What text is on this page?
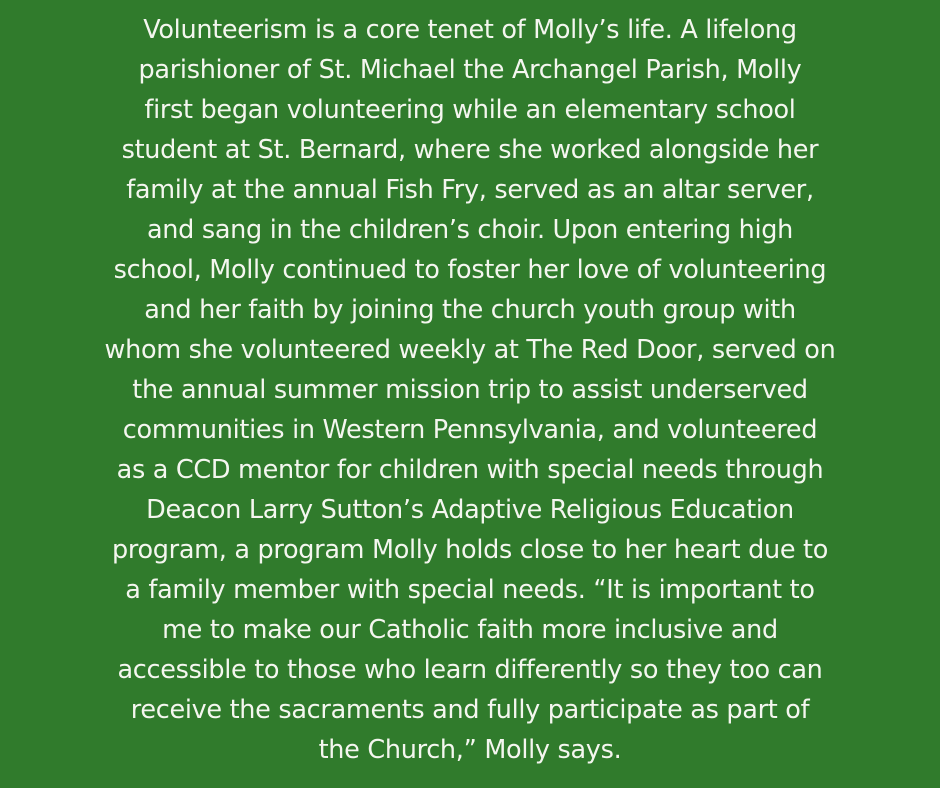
Volunteerism is a core tenet of Molly’s life. A lifelong
parishioner of St. Michael the Archangel Parish, Molly
first began volunteering while an elementary school
student at St. Bernard, where she worked alongside her
family at the annual Fish Fry, served as an altar server,
and sang in the children’s choir. Upon entering high
school, Molly continued to foster her love of volunteering
and her faith by joining the church youth group with
whom she volunteered weekly at The Red Door, served on
the annual summer mission trip to assist underserved
communities in Western Pennsylvania, and volunteered
as a CCD mentor for children with special needs through
Deacon Larry Sutton’s Adaptive Religious Education
program, a program Molly holds close to her heart due to
a family member with special needs. “It is important to
me to make our Catholic faith more inclusive and
accessible to those who learn differently so they too can
receive the sacraments and fully participate as part of
the Church,” Molly says.
